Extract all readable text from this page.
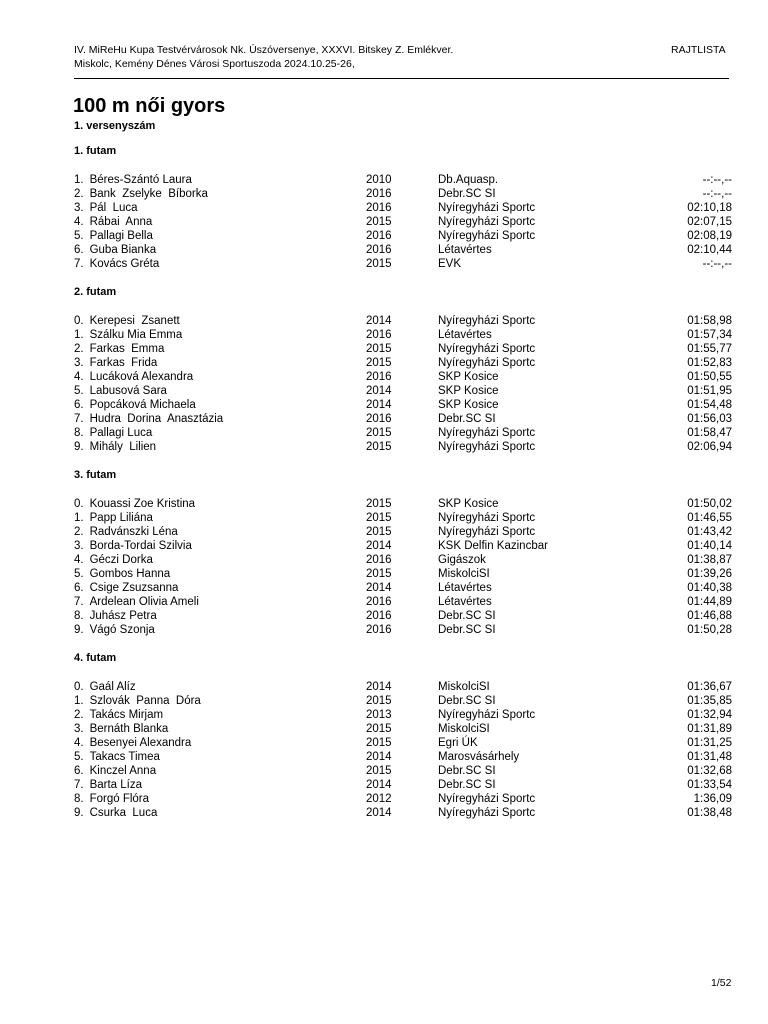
IV. MiReHu Kupa Testvérvárosok Nk. Úszóversenye, XXXVI. Bitskey Z. Emlékver.
Miskolc, Kemény Dénes Városi Sportuszoda 2024.10.25-26,
RAJTLISTA
100 m női gyors
1. versenyszám
1. futam
1. Béres-Szántó Laura	2010	Db.Aquasp.	--:--,--
2. Bank  Zselyke  Bíborka	2016	Debr.SC SI	--:--,--
3. Pál  Luca	2016	Nyíregyházi Sportc	02:10,18
4. Rábai  Anna	2015	Nyíregyházi Sportc	02:07,15
5. Pallagi Bella	2016	Nyíregyházi Sportc	02:08,19
6. Guba Bianka	2016	Létavértes	02:10,44
7. Kovács Gréta	2015	EVK	--:--,--
2. futam
0. Kerepesi  Zsanett	2014	Nyíregyházi Sportc	01:58,98
1. Szálku Mia Emma	2016	Létavértes	01:57,34
2. Farkas  Emma	2015	Nyíregyházi Sportc	01:55,77
3. Farkas  Frida	2015	Nyíregyházi Sportc	01:52,83
4. Lucáková Alexandra	2016	SKP Kosice	01:50,55
5. Labusová Sara	2014	SKP Kosice	01:51,95
6. Popcáková Michaela	2014	SKP Kosice	01:54,48
7. Hudra  Dorina  Anasztázia	2016	Debr.SC SI	01:56,03
8. Pallagi Luca	2015	Nyíregyházi Sportc	01:58,47
9. Mihály  Lilien	2015	Nyíregyházi Sportc	02:06,94
3. futam
0. Kouassi Zoe Kristina	2015	SKP Kosice	01:50,02
1. Papp Liliána	2015	Nyíregyházi Sportc	01:46,55
2. Radvánszki Léna	2015	Nyíregyházi Sportc	01:43,42
3. Borda-Tordai Szilvia	2014	KSK Delfin Kazincbar	01:40,14
4. Géczi Dorka	2016	Gigászok	01:38,87
5. Gombos Hanna	2015	MiskolciSI	01:39,26
6. Csige Zsuzsanna	2014	Létavértes	01:40,38
7. Ardelean Olivia Ameli	2016	Létavértes	01:44,89
8. Juhász Petra	2016	Debr.SC SI	01:46,88
9. Vágó Szonja	2016	Debr.SC SI	01:50,28
4. futam
0. Gaál Alíz	2014	MiskolciSI	01:36,67
1. Szlovák  Panna  Dóra	2015	Debr.SC SI	01:35,85
2. Takács Mirjam	2013	Nyíregyházi Sportc	01:32,94
3. Bernáth Blanka	2015	MiskolciSI	01:31,89
4. Besenyei Alexandra	2015	Egri ÚK	01:31,25
5. Takacs Timea	2014	Marosvásárhely	01:31,48
6. Kinczel Anna	2015	Debr.SC SI	01:32,68
7. Barta Líza	2014	Debr.SC SI	01:33,54
8. Forgó Flóra	2012	Nyíregyházi Sportc	1:36,09
9. Csurka  Luca	2014	Nyíregyházi Sportc	01:38,48
1/52
